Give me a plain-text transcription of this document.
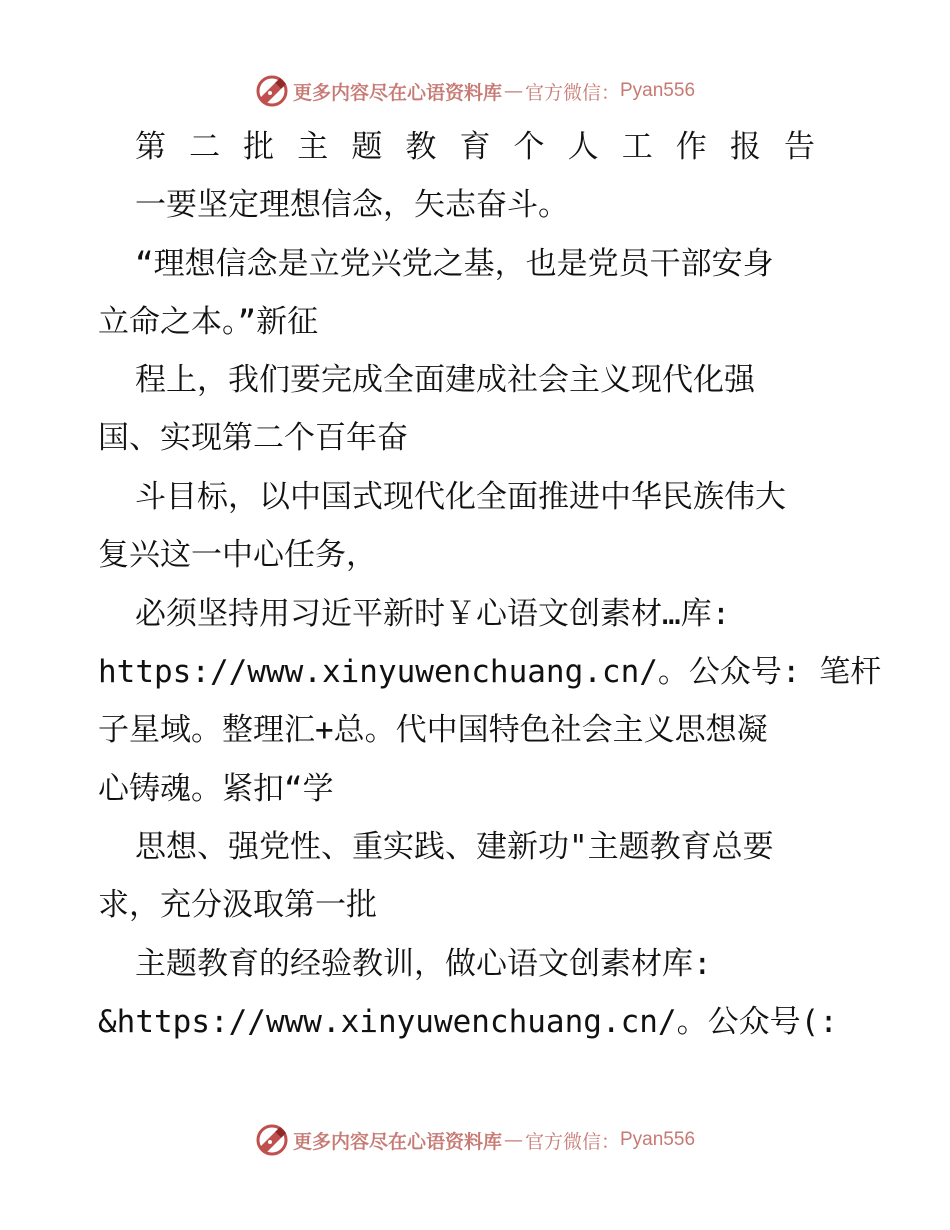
更多内容尽在心语资料库 — 官方微信： Pyan556
第 二 批 主 题 教 育 个 人 工 作 报 告
一要坚定理想信念，矢志奋斗。
“理想信念是立党兴党之基，也是党员干部安身
立命之本。”新征
程上，我们要完成全面建成社会主义现代化强
国、实现第二个百年奋
斗目标，以中国式现代化全面推进中华民族伟大
复兴这一中心任务，
必须坚持用习近平新时￥心语文创素材…库:
https://www.xinyuwenchuang.cn/。公众号: 笔杆
子星域。整理汇+总。代中国特色社会主义思想凝
心铸魂。紧扣“学
思想、强党性、重实践、建新功"主题教育总要
求，充分汲取第一批
主题教育的经验教训，做心语文创素材库:
&https://www.xinyuwenchuang.cn/。公众号(:
更多内容尽在心语资料库 — 官方微信： Pyan556
